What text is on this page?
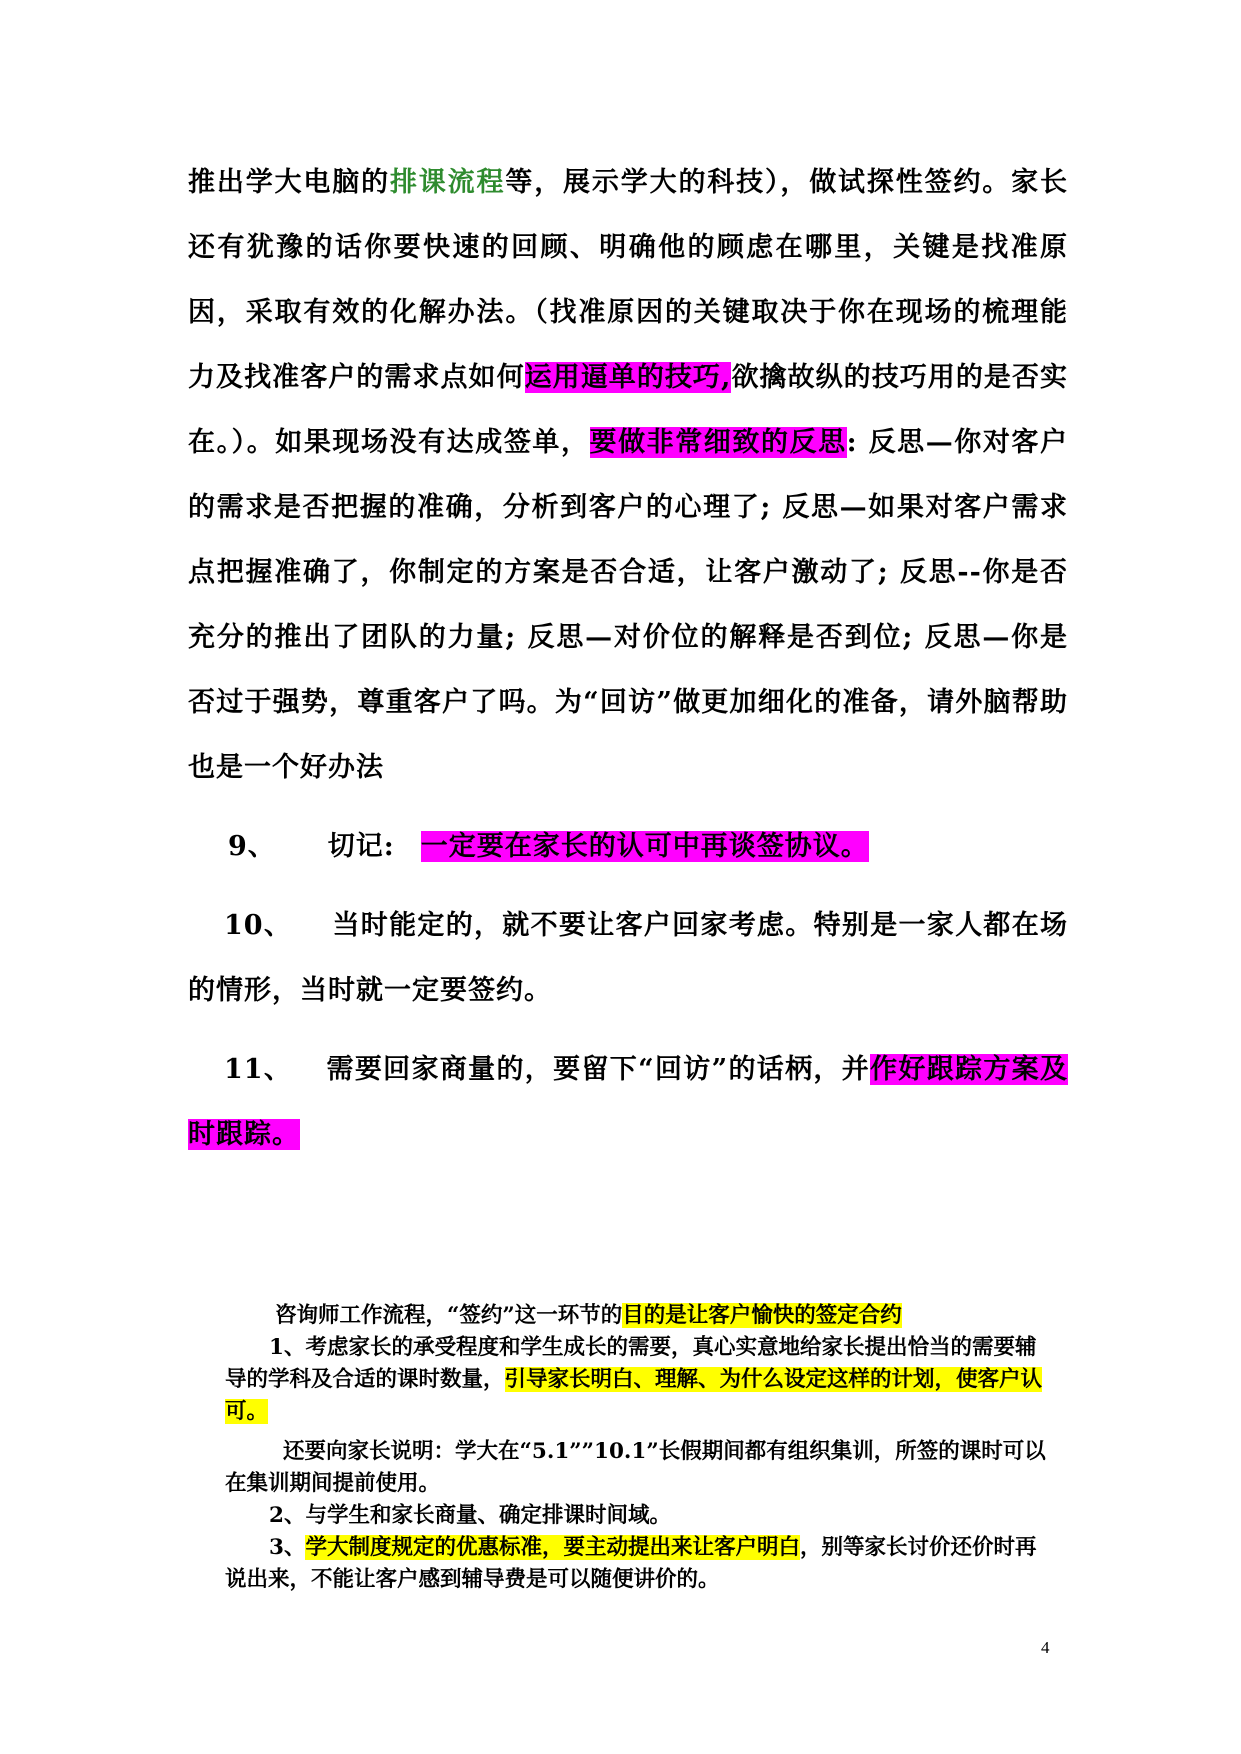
推出学大电脑的排课流程等，展示学大的科技），做试探性签约。家长还有犹豫的话你要快速的回顾、明确他的顾虑在哪里，关键是找准原因，采取有效的化解办法。（找准原因的关键取决于你在现场的梳理能力及找准客户的需求点如何运用逼单的技巧,欲擒故纵的技巧用的是否实在。）。如果现场没有达成签单，要做非常细致的反思: 反思—你对客户的需求是否把握的准确，分析到客户的心理了; 反思—如果对客户需求点把握准确了，你制定的方案是否合适，让客户激动了; 反思--你是否充分的推出了团队的力量; 反思—对价位的解释是否到位; 反思—你是否过于强势，尊重客户了吗。为“回访”做更加细化的准备，请外脑帮助也是一个好办法

9、 切记: 一定要在家长的认可中再谈签协议。

10、 当时能定的，就不要让客户回家考虑。特别是一家人都在场的情形，当时就一定要签约。

11、 需要回家商量的，要留下“回访”的话柄，并作好跟踪方案及时跟踪。

咨询师工作流程，“签约”这一环节的目的是让客户愉快的签定合约

1、考虑家长的承受程度和学生成长的需要，真心实意地给家长提出恰当的需要辅导的学科及合适的课时数量，引导家长明白、理解、为什么设定这样的计划，使客户认可。

还要向家长说明：学大在“5.1””10.1”长假期间都有组织集训，所签的课时可以在集训期间提前使用。

2、与学生和家长商量、确定排课时间域。

3、学大制度规定的优惠标准，要主动提出来让客户明白，别等家长讨价还价时再说出来，不能让客户感到辅导费是可以随便讲价的。

4
